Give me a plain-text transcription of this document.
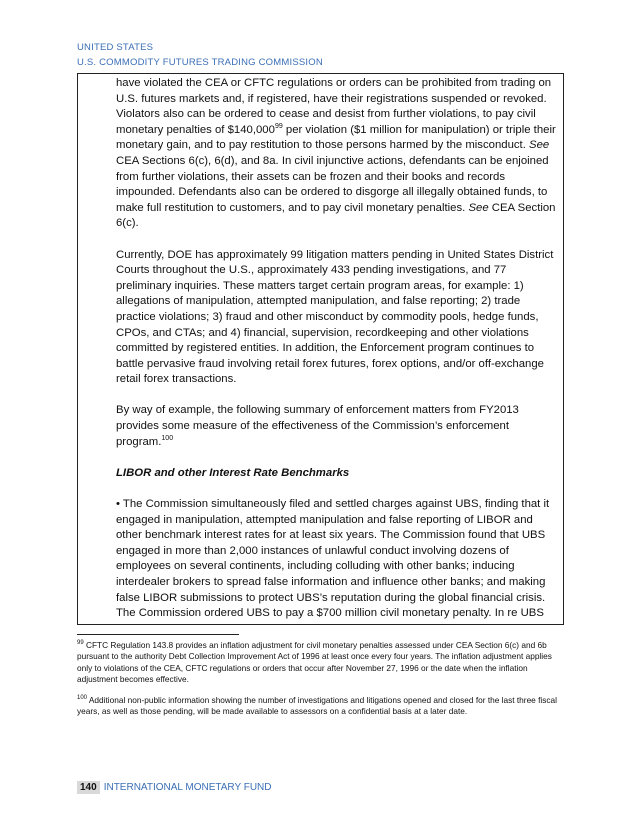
UNITED STATES
U.S. COMMODITY FUTURES TRADING COMMISSION

have violated the CEA or CFTC regulations or orders can be prohibited from trading on U.S. futures markets and, if registered, have their registrations suspended or revoked. Violators also can be ordered to cease and desist from further violations, to pay civil monetary penalties of $140,000$^{99}$ per violation ($1 million for manipulation) or triple their monetary gain, and to pay restitution to those persons harmed by the misconduct. See CEA Sections 6(c), 6(d), and 8a. In civil injunctive actions, defendants can be enjoined from further violations, their assets can be frozen and their books and records impounded. Defendants also can be ordered to disgorge all illegally obtained funds, to make full restitution to customers, and to pay civil monetary penalties. See CEA Section 6(c).

Currently, DOE has approximately 99 litigation matters pending in United States District Courts throughout the U.S., approximately 433 pending investigations, and 77 preliminary inquiries. These matters target certain program areas, for example: 1) allegations of manipulation, attempted manipulation, and false reporting; 2) trade practice violations; 3) fraud and other misconduct by commodity pools, hedge funds, CPOs, and CTAs; and 4) financial, supervision, recordkeeping and other violations committed by registered entities. In addition, the Enforcement program continues to battle pervasive fraud involving retail forex futures, forex options, and/or off-exchange retail forex transactions.

By way of example, the following summary of enforcement matters from FY2013 provides some measure of the effectiveness of the Commission’s enforcement program.$^{100}$

LIBOR and other Interest Rate Benchmarks

• The Commission simultaneously filed and settled charges against UBS, finding that it engaged in manipulation, attempted manipulation and false reporting of LIBOR and other benchmark interest rates for at least six years. The Commission found that UBS engaged in more than 2,000 instances of unlawful conduct involving dozens of employees on several continents, including colluding with other banks; inducing interdealer brokers to spread false information and influence other banks; and making false LIBOR submissions to protect UBS’s reputation during the global financial crisis. The Commission ordered UBS to pay a $700 million civil monetary penalty. In re UBS

$^{99}$ CFTC Regulation 143.8 provides an inflation adjustment for civil monetary penalties assessed under CEA Section 6(c) and 6b pursuant to the authority Debt Collection Improvement Act of 1996 at least once every four years. The inflation adjustment applies only to violations of the CEA, CFTC regulations or orders that occur after November 27, 1996 or the date when the inflation adjustment becomes effective.
$^{100}$ Additional non-public information showing the number of investigations and litigations opened and closed for the last three fiscal years, as well as those pending, will be made available to assessors on a confidential basis at a later date.
140 INTERNATIONAL MONETARY FUND
